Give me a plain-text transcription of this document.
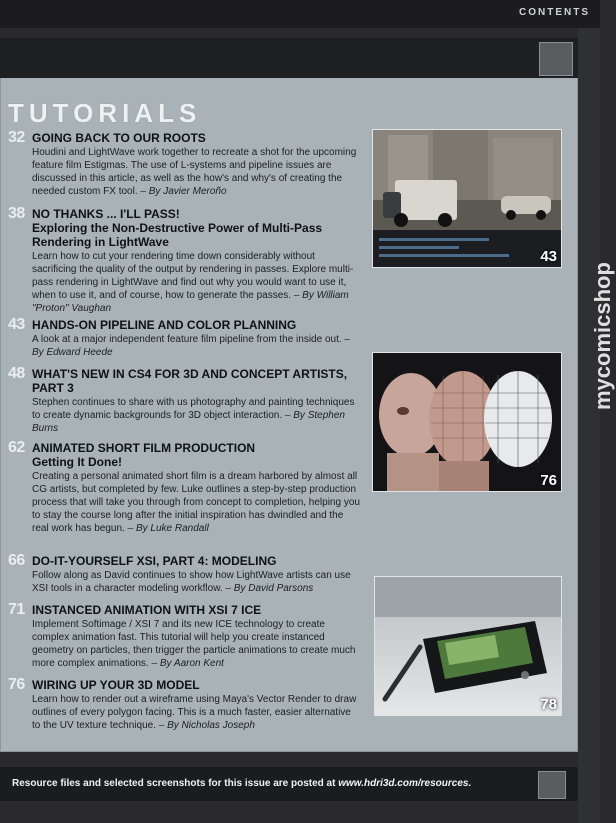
CONTENTS
TUTORIALS
32 GOING BACK TO OUR ROOTS
Houdini and LightWave work together to recreate a shot for the upcoming feature film Estigmas. The use of L-systems and pipeline issues are discussed in this article, as well as the how's and why's of creating the needed custom FX tool. – By Javier Meroño
38 NO THANKS ... I'LL PASS!
Exploring the Non-Destructive Power of Multi-Pass Rendering in LightWave
Learn how to cut your rendering time down considerably without sacrificing the quality of the output by rendering in passes. Explore multi-pass rendering in LightWave and find out why you would want to use it, when to use it, and of course, how to generate the passes. – By William "Proton" Vaughan
43 HANDS-ON PIPELINE AND COLOR PLANNING
A look at a major independent feature film pipeline from the inside out. – By Edward Heede
48 WHAT'S NEW IN CS4 FOR 3D AND CONCEPT ARTISTS, PART 3
Stephen continues to share with us photography and painting techniques to create dynamic backgrounds for 3D object interaction. – By Stephen Burns
62 ANIMATED SHORT FILM PRODUCTION
Getting It Done!
Creating a personal animated short film is a dream harbored by almost all CG artists, but completed by few. Luke outlines a step-by-step production process that will take you through from concept to completion, helping you to stay the course long after the initial inspiration has dwindled and the real work has begun. – By Luke Randall
66 DO-IT-YOURSELF XSI, PART 4: MODELING
Follow along as David continues to show how LightWave artists can use XSI tools in a character modeling workflow. – By David Parsons
71 INSTANCED ANIMATION WITH XSI 7 ICE
Implement Softimage / XSI 7 and its new ICE technology to create complex animation fast. This tutorial will help you create instanced geometry on particles, then trigger the particle animations to create much more complex animations. – By Aaron Kent
76 WIRING UP YOUR 3D MODEL
Learn how to render out a wireframe using Maya's Vector Render to draw outlines of every polygon facing. This is a much faster, easier alternative to the UV texture technique. – By Nicholas Joseph
43
76
78
Resource files and selected screenshots for this issue are posted at www.hdri3d.com/resources.
mycomicshop
